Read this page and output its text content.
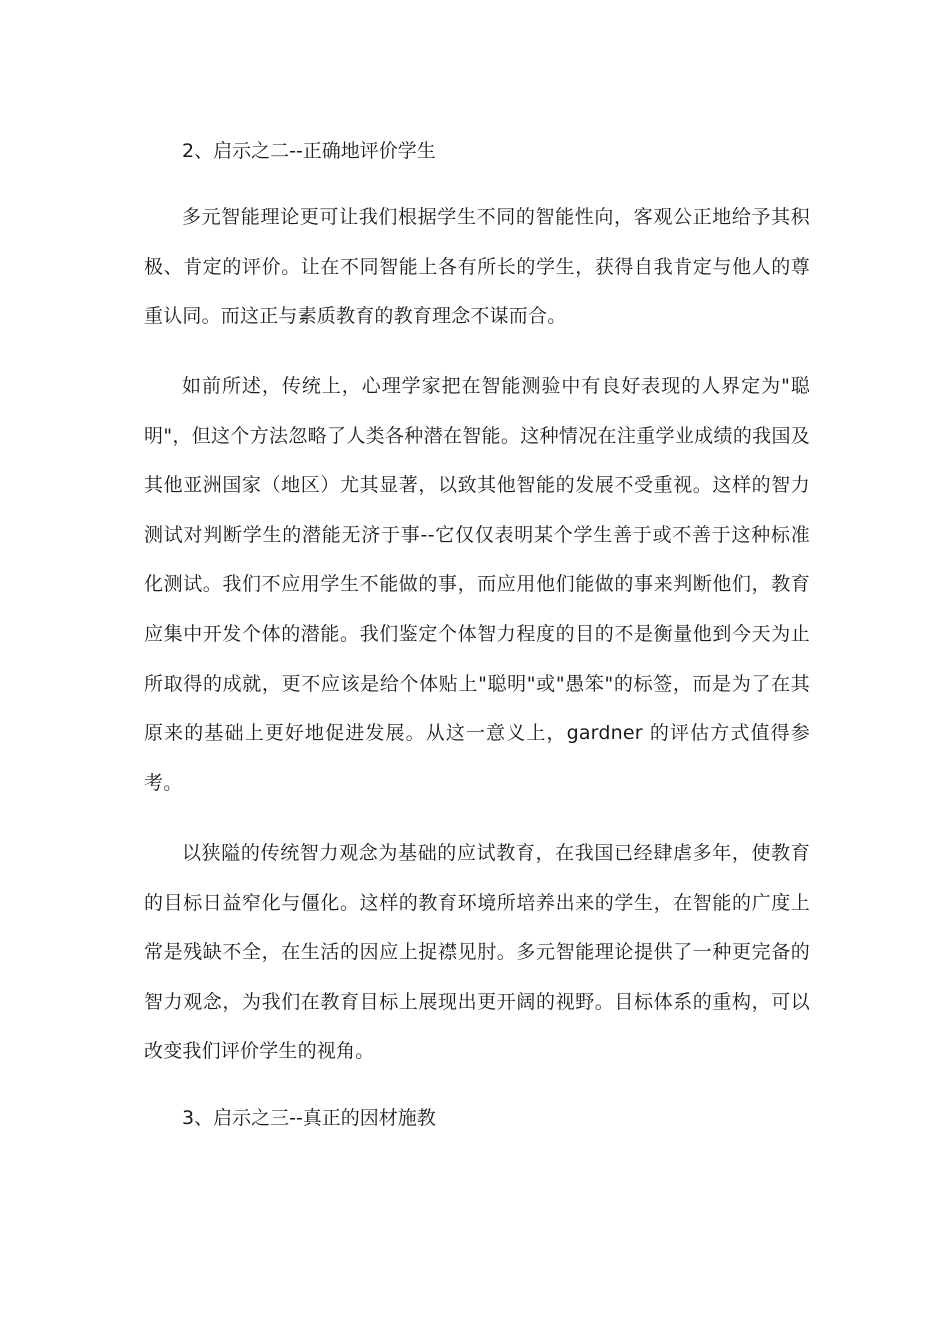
2、启示之二--正确地评价学生

多元智能理论更可让我们根据学生不同的智能性向，客观公正地给予其积极、肯定的评价。让在不同智能上各有所长的学生，获得自我肯定与他人的尊重认同。而这正与素质教育的教育理念不谋而合。

如前所述，传统上，心理学家把在智能测验中有良好表现的人界定为"聪明"，但这个方法忽略了人类各种潜在智能。这种情况在注重学业成绩的我国及其他亚洲国家（地区）尤其显著，以致其他智能的发展不受重视。这样的智力测试对判断学生的潜能无济于事--它仅仅表明某个学生善于或不善于这种标准化测试。我们不应用学生不能做的事，而应用他们能做的事来判断他们，教育应集中开发个体的潜能。我们鉴定个体智力程度的目的不是衡量他到今天为止所取得的成就，更不应该是给个体贴上"聪明"或"愚笨"的标签，而是为了在其原来的基础上更好地促进发展。从这一意义上，gardner 的评估方式值得参考。

以狭隘的传统智力观念为基础的应试教育，在我国已经肆虐多年，使教育的目标日益窄化与僵化。这样的教育环境所培养出来的学生，在智能的广度上常是残缺不全，在生活的因应上捉襟见肘。多元智能理论提供了一种更完备的智力观念，为我们在教育目标上展现出更开阔的视野。目标体系的重构，可以改变我们评价学生的视角。

3、启示之三--真正的因材施教
